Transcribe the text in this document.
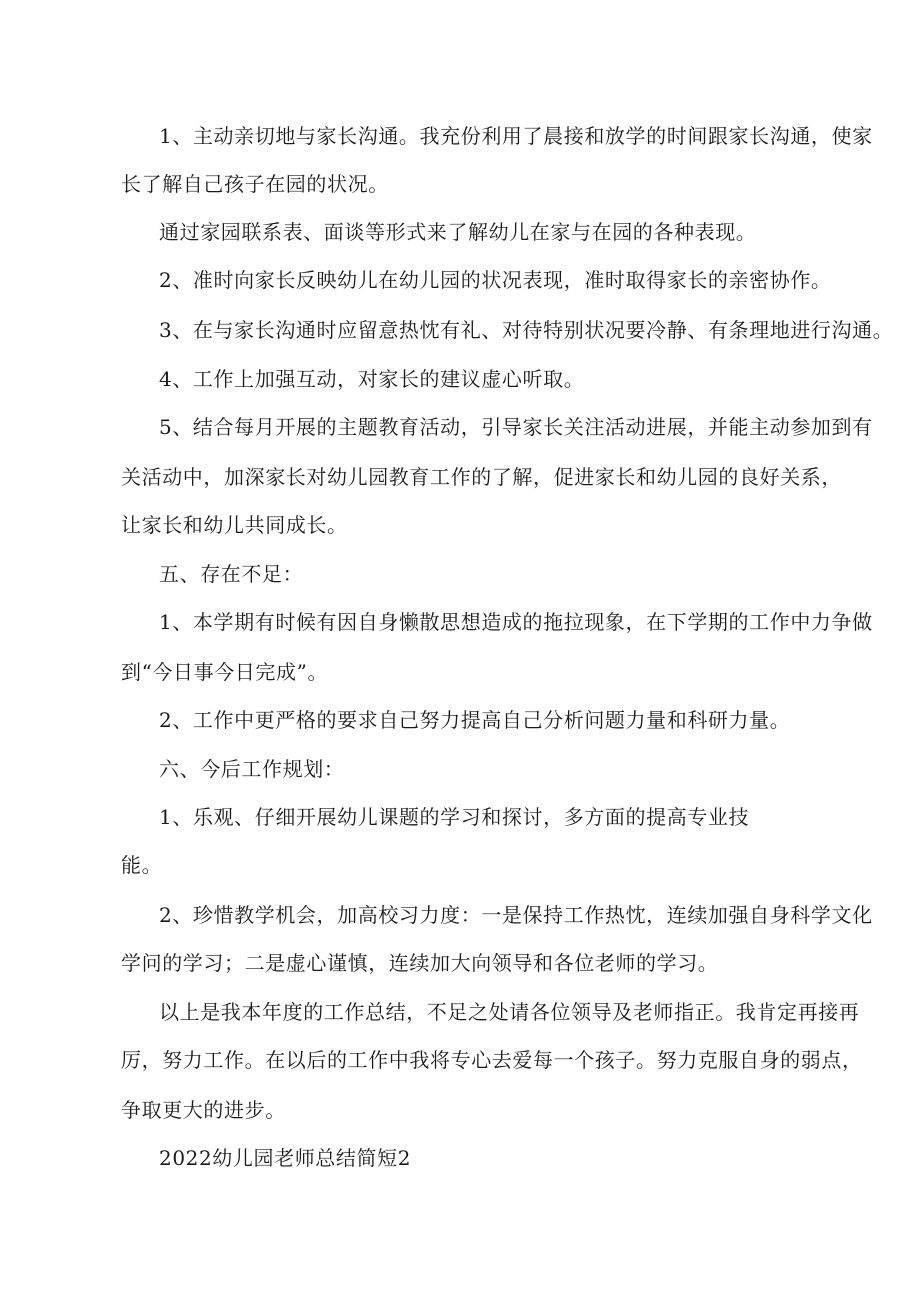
1、主动亲切地与家长沟通。我充份利用了晨接和放学的时间跟家长沟通，使家

长了解自己孩子在园的状况。

通过家园联系表、面谈等形式来了解幼儿在家与在园的各种表现。

2、准时向家长反映幼儿在幼儿园的状况表现，准时取得家长的亲密协作。

3、在与家长沟通时应留意热忱有礼、对待特别状况要冷静、有条理地进行沟通。

4、工作上加强互动，对家长的建议虚心听取。

5、结合每月开展的主题教育活动，引导家长关注活动进展，并能主动参加到有

关活动中，加深家长对幼儿园教育工作的了解，促进家长和幼儿园的良好关系，

让家长和幼儿共同成长。

五、存在不足：

1、本学期有时候有因自身懒散思想造成的拖拉现象，在下学期的工作中力争做

到“今日事今日完成”。

2、工作中更严格的要求自己努力提高自己分析问题力量和科研力量。

六、今后工作规划：

1、乐观、仔细开展幼儿课题的学习和探讨，多方面的提高专业技

能。

2、珍惜教学机会，加高校习力度：一是保持工作热忱，连续加强自身科学文化

学问的学习；二是虚心谨慎，连续加大向领导和各位老师的学习。

以上是我本年度的工作总结，不足之处请各位领导及老师指正。我肯定再接再

厉，努力工作。在以后的工作中我将专心去爱每一个孩子。努力克服自身的弱点，

争取更大的进步。

2022幼儿园老师总结简短2
